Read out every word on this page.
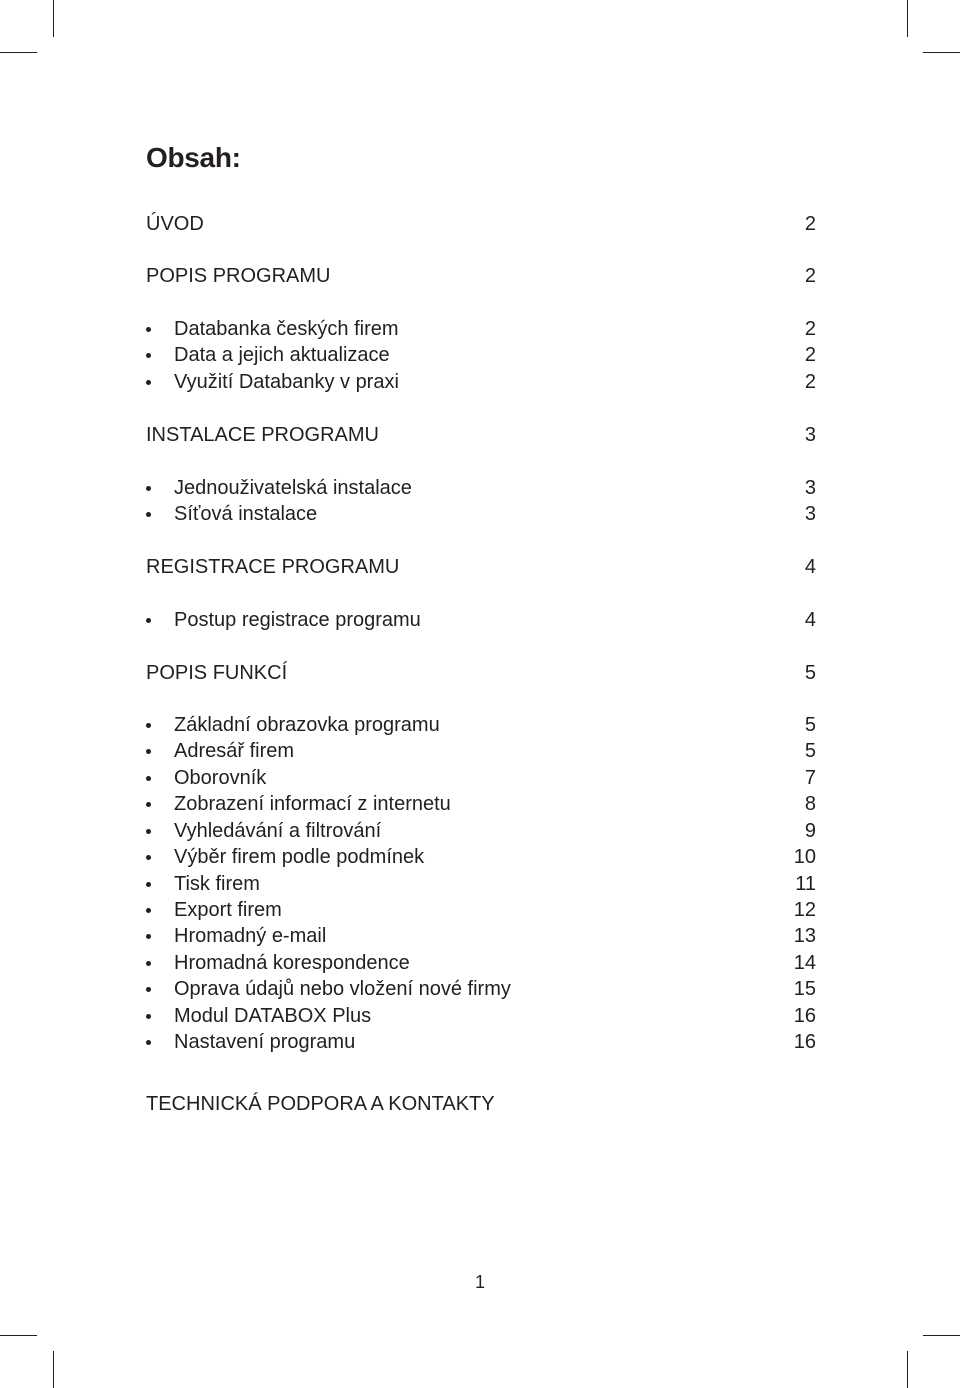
Obsah:
ÚVOD	2
POPIS PROGRAMU	2
Databanka českých firem	2
Data a jejich aktualizace	2
Využití Databanky v praxi	2
INSTALACE PROGRAMU	3
Jednouživatelská instalace	3
Síťová instalace	3
REGISTRACE PROGRAMU	4
Postup registrace programu	4
POPIS FUNKCÍ	5
Základní obrazovka programu	5
Adresář firem	5
Oborovník	7
Zobrazení informací z internetu	8
Vyhledávání a filtrování	9
Výběr firem podle podmínek	10
Tisk firem	11
Export firem	12
Hromadný e-mail	13
Hromadná korespondence	14
Oprava údajů nebo vložení nové firmy	15
Modul DATABOX Plus	16
Nastavení programu	16
TECHNICKÁ PODPORA A KONTAKTY
1
